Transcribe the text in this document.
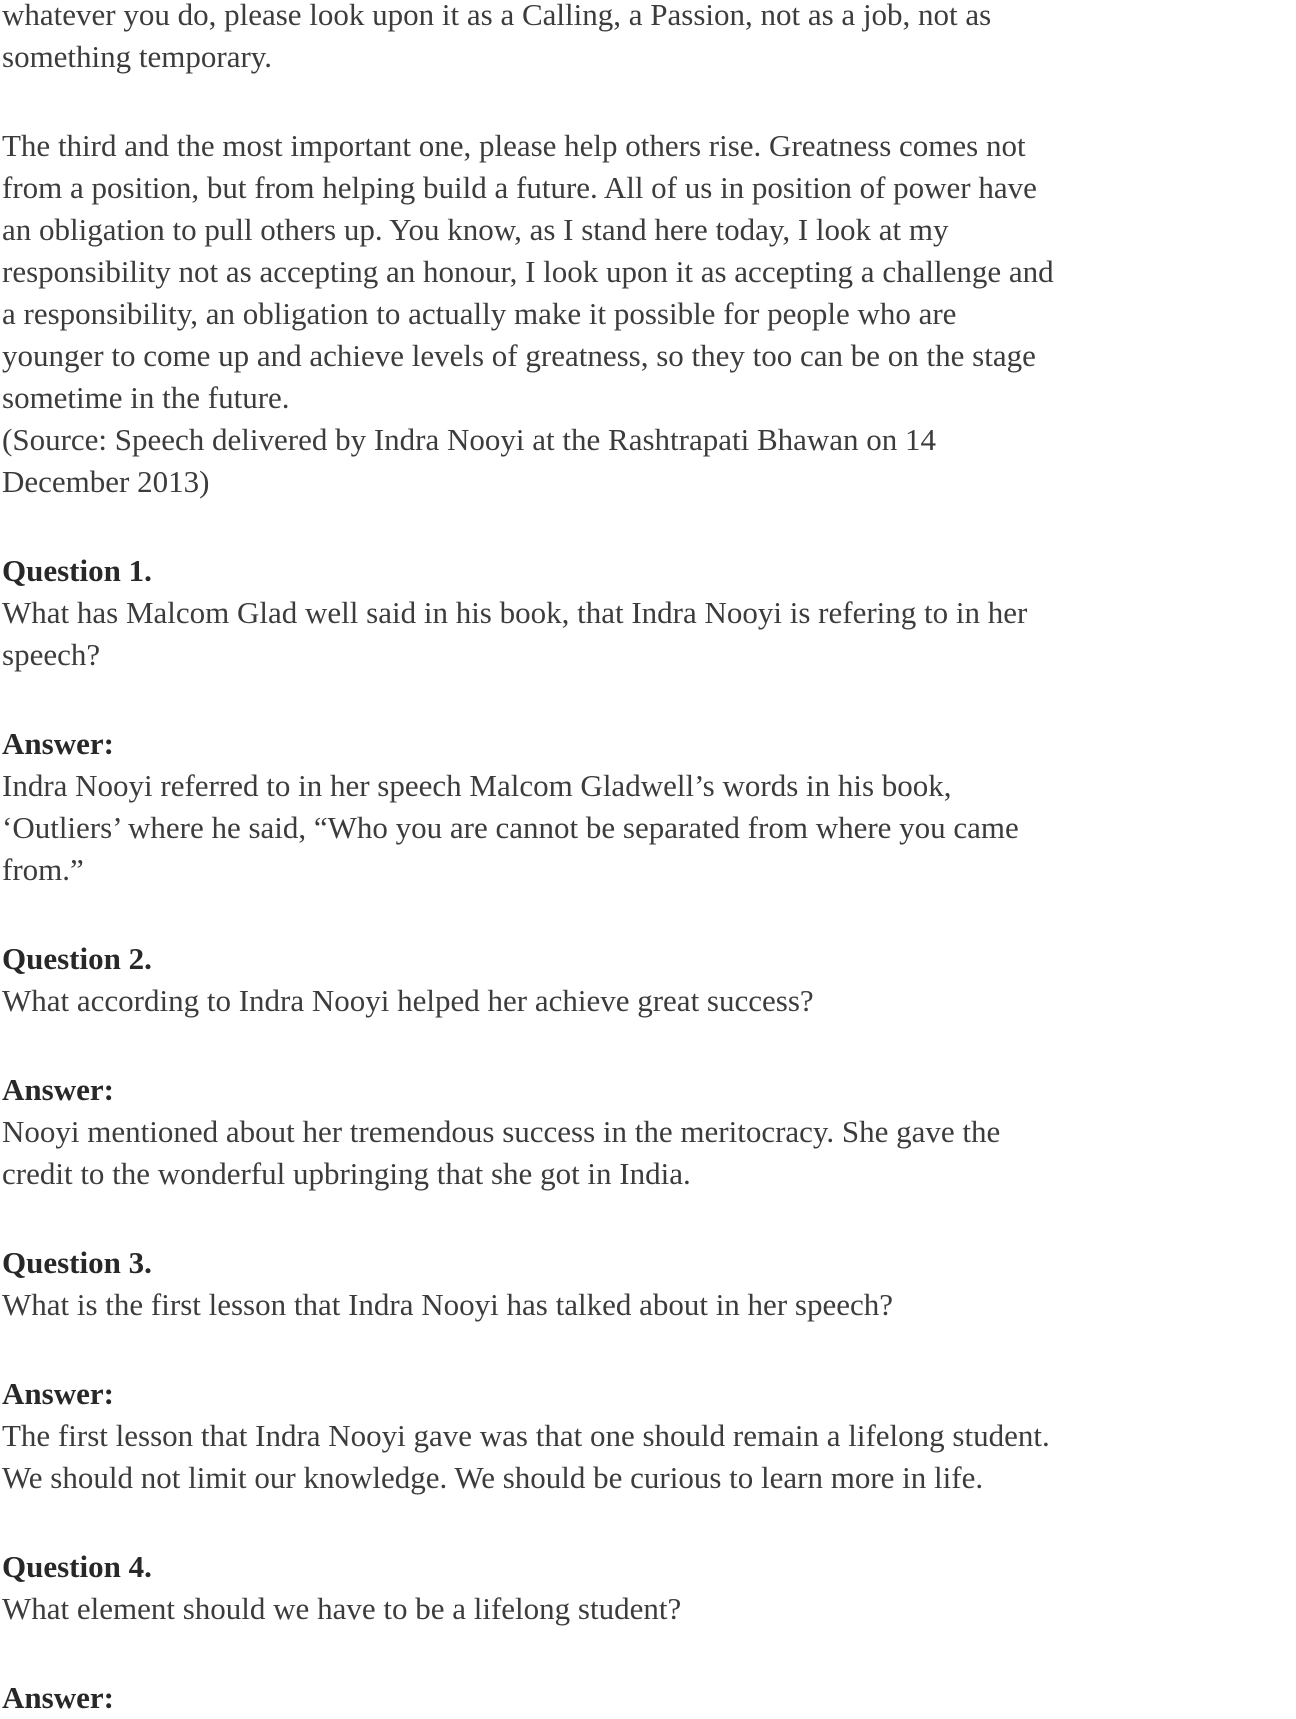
whatever you do, please look upon it as a Calling, a Passion, not as a job, not as
something temporary.
The third and the most important one, please help others rise. Greatness comes not
from a position, but from helping build a future. All of us in position of power have
an obligation to pull others up. You know, as I stand here today, I look at my
responsibility not as accepting an honour, I look upon it as accepting a challenge and
a responsibility, an obligation to actually make it possible for people who are
younger to come up and achieve levels of greatness, so they too can be on the stage
sometime in the future.
(Source: Speech delivered by Indra Nooyi at the Rashtrapati Bhawan on 14
December 2013)
Question 1.
What has Malcom Glad well said in his book, that Indra Nooyi is refering to in her
speech?
Answer:
Indra Nooyi referred to in her speech Malcom Gladwell’s words in his book,
‘Outliers’ where he said, “Who you are cannot be separated from where you came
from.”
Question 2.
What according to Indra Nooyi helped her achieve great success?
Answer:
Nooyi mentioned about her tremendous success in the meritocracy. She gave the
credit to the wonderful upbringing that she got in India.
Question 3.
What is the first lesson that Indra Nooyi has talked about in her speech?
Answer:
The first lesson that Indra Nooyi gave was that one should remain a lifelong student.
We should not limit our knowledge. We should be curious to learn more in life.
Question 4.
What element should we have to be a lifelong student?
Answer:
